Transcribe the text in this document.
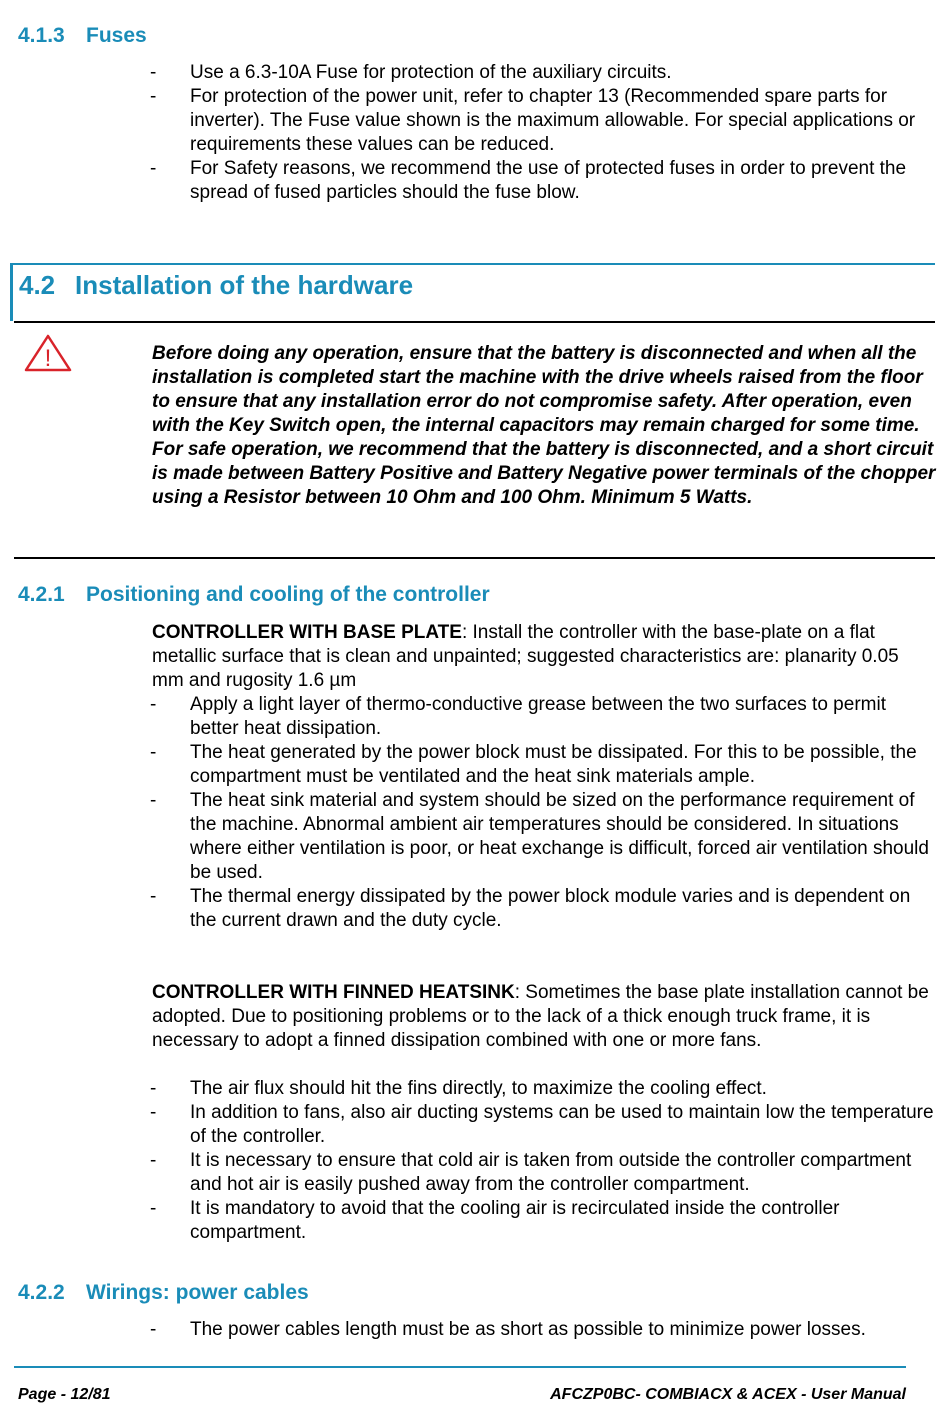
4.1.3 Fuses
- Use a 6.3-10A Fuse for protection of the auxiliary circuits.
- For protection of the power unit, refer to chapter 13 (Recommended spare parts for inverter). The Fuse value shown is the maximum allowable. For special applications or requirements these values can be reduced.
- For Safety reasons, we recommend the use of protected fuses in order to prevent the spread of fused particles should the fuse blow.
4.2 Installation of the hardware
!	Before doing any operation, ensure that the battery is disconnected and when all the installation is completed start the machine with the drive wheels raised from the floor to ensure that any installation error do not compromise safety. After operation, even with the Key Switch open, the internal capacitors may remain charged for some time. For safe operation, we recommend that the battery is disconnected, and a short circuit is made between Battery Positive and Battery Negative power terminals of the chopper using a Resistor between 10 Ohm and 100 Ohm. Minimum 5 Watts.

4.2.1 Positioning and cooling of the controller

CONTROLLER WITH BASE PLATE: Install the controller with the base-plate on a flat metallic surface that is clean and unpainted; suggested characteristics are: planarity 0.05 mm and rugosity 1.6 µm

- Apply a light layer of thermo-conductive grease between the two surfaces to permit better heat dissipation.
- The heat generated by the power block must be dissipated. For this to be possible, the compartment must be ventilated and the heat sink materials ample.
- The heat sink material and system should be sized on the performance requirement of the machine. Abnormal ambient air temperatures should be considered. In situations where either ventilation is poor, or heat exchange is difficult, forced air ventilation should be used.
- The thermal energy dissipated by the power block module varies and is dependent on the current drawn and the duty cycle.

CONTROLLER WITH FINNED HEATSINK: Sometimes the base plate installation cannot be adopted. Due to positioning problems or to the lack of a thick enough truck frame, it is necessary to adopt a finned dissipation combined with one or more fans.

- The air flux should hit the fins directly, to maximize the cooling effect.
- In addition to fans, also air ducting systems can be used to maintain low the temperature of the controller.
- It is necessary to ensure that cold air is taken from outside the controller compartment and hot air is easily pushed away from the controller compartment.
- It is mandatory to avoid that the cooling air is recirculated inside the controller compartment.
4.2.2 Wirings: power cables
- The power cables length must be as short as possible to minimize power losses.
Page - 12/81	AFCZP0BC- COMBIACX & ACEX - User Manual
